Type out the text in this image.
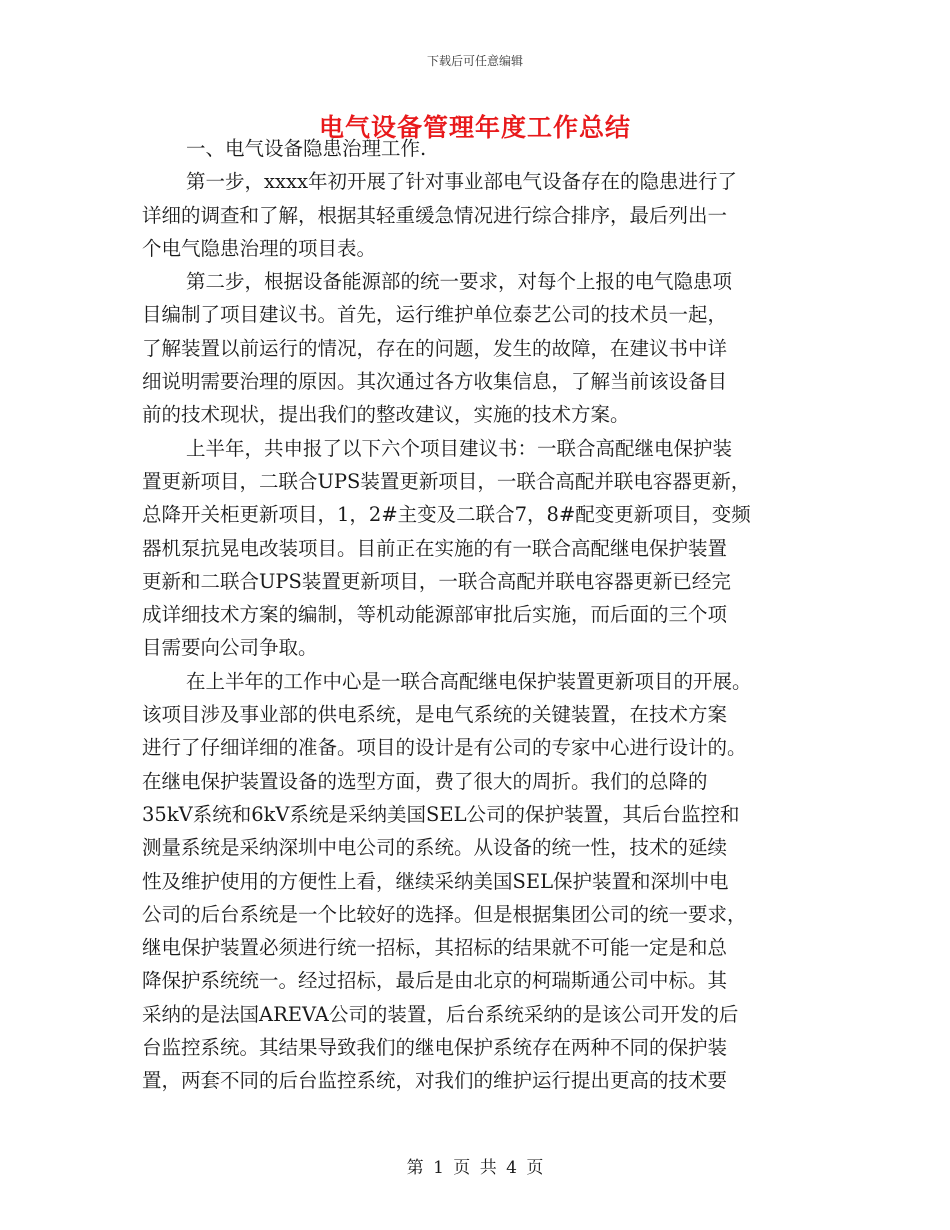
下载后可任意编辑
电气设备管理年度工作总结
一、电气设备隐患治理工作.
第一步，xxxx年初开展了针对事业部电气设备存在的隐患进行了
详细的调查和了解，根据其轻重缓急情况进行综合排序，最后列出一
个电气隐患治理的项目表。
第二步，根据设备能源部的统一要求，对每个上报的电气隐患项
目编制了项目建议书。首先，运行维护单位泰艺公司的技术员一起，
了解装置以前运行的情况，存在的问题，发生的故障，在建议书中详
细说明需要治理的原因。其次通过各方收集信息，了解当前该设备目
前的技术现状，提出我们的整改建议，实施的技术方案。
上半年，共申报了以下六个项目建议书：一联合高配继电保护装
置更新项目，二联合UPS装置更新项目，一联合高配并联电容器更新，
总降开关柜更新项目，1，2#主变及二联合7，8#配变更新项目，变频
器机泵抗晃电改装项目。目前正在实施的有一联合高配继电保护装置
更新和二联合UPS装置更新项目，一联合高配并联电容器更新已经完
成详细技术方案的编制，等机动能源部审批后实施，而后面的三个项
目需要向公司争取。
在上半年的工作中心是一联合高配继电保护装置更新项目的开展。
该项目涉及事业部的供电系统，是电气系统的关键装置，在技术方案
进行了仔细详细的准备。项目的设计是有公司的专家中心进行设计的。
在继电保护装置设备的选型方面，费了很大的周折。我们的总降的
35kV系统和6kV系统是采纳美国SEL公司的保护装置，其后台监控和
测量系统是采纳深圳中电公司的系统。从设备的统一性，技术的延续
性及维护使用的方便性上看，继续采纳美国SEL保护装置和深圳中电
公司的后台系统是一个比较好的选择。但是根据集团公司的统一要求，
继电保护装置必须进行统一招标，其招标的结果就不可能一定是和总
降保护系统统一。经过招标，最后是由北京的柯瑞斯通公司中标。其
采纳的是法国AREVA公司的装置，后台系统采纳的是该公司开发的后
台监控系统。其结果导致我们的继电保护系统存在两种不同的保护装
置，两套不同的后台监控系统，对我们的维护运行提出更高的技术要
第 1 页 共 4 页
